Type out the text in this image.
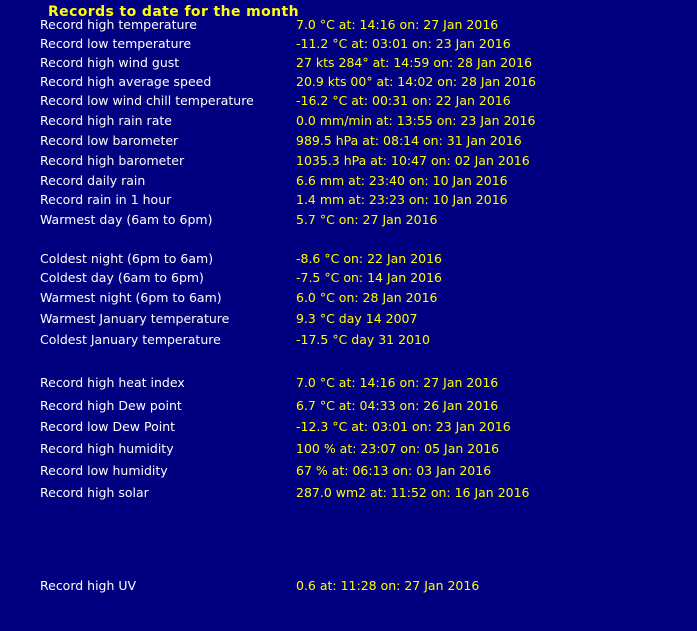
Records to date for the month
Record high temperature	7.0 °C at: 14:16 on: 27 Jan 2016
Record low temperature	-11.2 °C at: 03:01 on: 23 Jan 2016
Record high wind gust	27 kts 284° at: 14:59 on: 28 Jan 2016
Record high average speed	20.9 kts 00° at: 14:02 on: 28 Jan 2016
Record low wind chill temperature	-16.2 °C at: 00:31 on: 22 Jan 2016
Record high rain rate	0.0 mm/min at: 13:55 on: 23 Jan 2016
Record low barometer	989.5 hPa at: 08:14 on: 31 Jan 2016
Record high barometer	1035.3 hPa at: 10:47 on: 02 Jan 2016
Record daily rain	6.6 mm at: 23:40 on: 10 Jan 2016
Record rain in 1 hour	1.4 mm at: 23:23 on: 10 Jan 2016
Warmest day (6am to 6pm)	5.7 °C on: 27 Jan 2016
Coldest night (6pm to 6am)	-8.6 °C on: 22 Jan 2016
Coldest day (6am to 6pm)	-7.5 °C on: 14 Jan 2016
Warmest night (6pm to 6am)	6.0 °C on: 28 Jan 2016
Warmest January temperature	9.3 °C day 14 2007
Coldest January temperature	-17.5 °C day 31 2010
Record high heat index	7.0 °C at: 14:16 on: 27 Jan 2016
Record high Dew point	6.7 °C at: 04:33 on: 26 Jan 2016
Record low Dew Point	-12.3 °C at: 03:01 on: 23 Jan 2016
Record high humidity	100 % at: 23:07 on: 05 Jan 2016
Record low humidity	67 % at: 06:13 on: 03 Jan 2016
Record high solar	287.0 wm2 at: 11:52 on: 16 Jan 2016
Record high UV	0.6 at: 11:28 on: 27 Jan 2016
